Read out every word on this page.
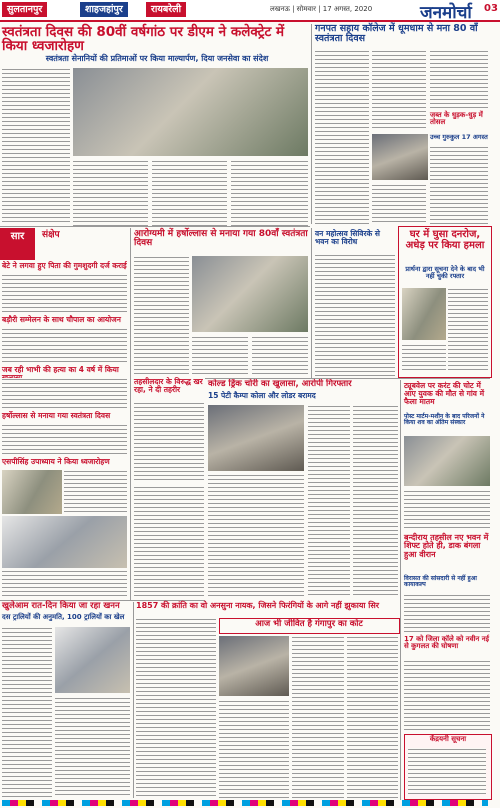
सुलतानपुर	शाहजहांपुर	रायबरेली	लखनऊ | सोमवार | 17 अगस्त, 2020	जनमोर्चा 03
स्वतंत्रता दिवस की 80वीं वर्षगांठ पर डीएम ने कलेक्ट्रेट में किया ध्वजारोहण
स्वतंत्रता सेनानियों की प्रतिमाओं पर किया माल्यार्पण, दिया जनसेवा का संदेश
गनपत सहाय कॉलेज में धूमधाम से मना 80 वाँ स्वतंत्रता दिवस
जब्त के धुड़क-धुड़ में तोसल
उच्च गुरुकुल 17 अगस्त
सार	संक्षेप
बेटे ने लगवा हुए पिता की गुमशुदगी दर्ज कराई
बड़ौरी सम्मेलन के साथ चौपाल का आयोजन
जब रही भाभी की हत्या का 4 वर्ष में किया
हर्षोल्लास से मनाया गया स्वतंत्रता दिवस
एसपीसिंह उपाध्याय ने किया ध्वजारोहण
आरोग्यमी में हर्षोल्लास से मनाया गया 80वाँ स्वतंत्रता दिवस
तहसीलदार के विरुद्ध खर रहा, ने दी तहरीर
कोल्ड ड्रिंक चोरी का खुलासा, आरोपी गिरफ्तार
15 पेटी कैम्पा कोला और लोडर बरामद
वन महोत्सव सिविरके से भवन का विरोध
घर में घुसा दनरोज, अधेड़ पर किया हमला
प्रार्थना द्वारा सूचना देने के बाद भी नहीं चुकी रफ्तार
खुलेआम रात-दिन किया जा रहा खनन
दस ट्रालियों की अनुमति, 100 ट्रालियों का खेल
1857 की क्रांति का वो अनसुना नायक, जिसने फिरंगियों के आगे नहीं झुकाया सिर
आज भी जीवित है गंगापुर का कोट
17 को जिला कॉले को नवीन नई से कुगलत की घोषणा
केंद्रयनी सूचना
ट्यूबवेल पर करंट की चोट में आए युवक की मौत से गांव में फैला मातम
पोस्ट मार्टम-मशीन के बाद परिजनों ने किया शव का अंतिम संस्कार
बन्दीराय तहसील नए भवन में शिफ्ट होते ही, डाक बंगला हुआ वीरान
विरासत की सांसदारी से नहीं हुआ कायाकल्प
